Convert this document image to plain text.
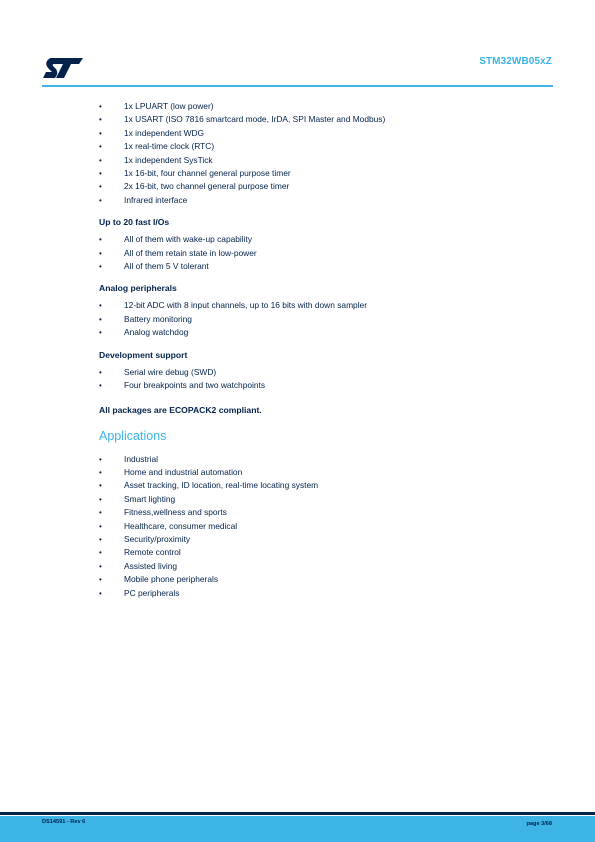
STM32WB05xZ
•	1x LPUART (low power)
•	1x USART (ISO 7816 smartcard mode, IrDA, SPI Master and Modbus)
•	1x independent WDG
•	1x real-time clock (RTC)
•	1x independent SysTick
•	1x 16-bit, four channel general purpose timer
•	2x 16-bit, two channel general purpose timer
•	Infrared interface
Up to 20 fast I/Os
•	All of them with wake-up capability
•	All of them retain state in low-power
•	All of them 5 V tolerant
Analog peripherals
•	12-bit ADC with 8 input channels, up to 16 bits with down sampler
•	Battery monitoring
•	Analog watchdog
Development support
•	Serial wire debug (SWD)
•	Four breakpoints and two watchpoints
All packages are ECOPACK2 compliant.
Applications
•	Industrial
•	Home and industrial automation
•	Asset tracking, ID location, real-time locating system
•	Smart lighting
•	Fitness,wellness and sports
•	Healthcare, consumer medical
•	Security/proximity
•	Remote control
•	Assisted living
•	Mobile phone peripherals
•	PC peripherals
DS14591 - Rev 6	page 3/68
